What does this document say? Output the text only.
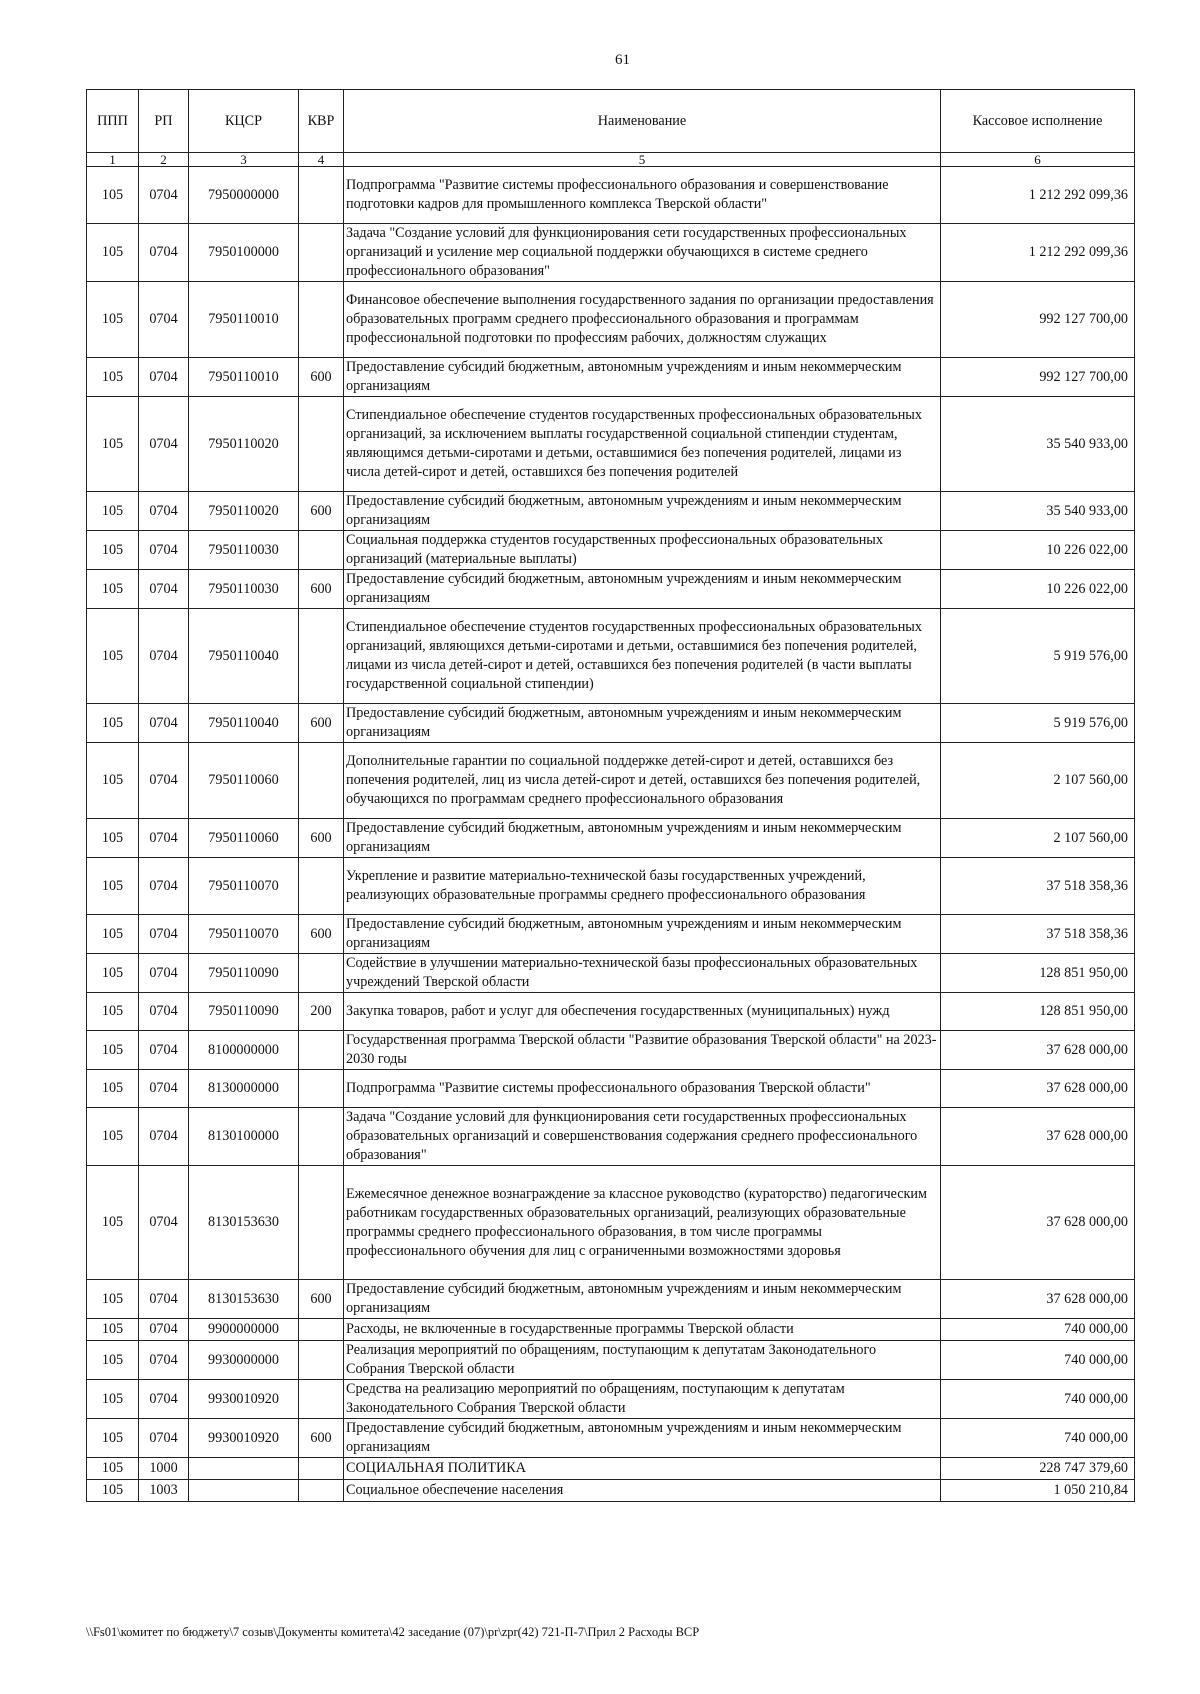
61
ППП	РП	КЦСР	КВР	Наименование	Кассовое исполнение
1	2	3	4	5	6
105	0704	7950000000		Подпрограмма "Развитие системы профессионального образования и совершенствование подготовки кадров для промышленного комплекса Тверской области"	1 212 292 099,36
105	0704	7950100000		Задача "Создание условий для функционирования сети государственных профессиональных организаций и усиление мер социальной поддержки обучающихся в системе среднего профессионального образования"	1 212 292 099,36
105	0704	7950110010		Финансовое обеспечение выполнения государственного задания по организации предоставления образовательных программ среднего профессионального образования и программам профессиональной подготовки по профессиям рабочих, должностям служащих	992 127 700,00
105	0704	7950110010	600	Предоставление субсидий бюджетным, автономным учреждениям и иным некоммерческим организациям	992 127 700,00
105	0704	7950110020		Стипендиальное обеспечение студентов государственных профессиональных образовательных организаций, за исключением выплаты государственной социальной стипендии студентам, являющимся детьми-сиротами и детьми, оставшимися без попечения родителей, лицами из числа детей-сирот и детей, оставшихся без попечения родителей	35 540 933,00
105	0704	7950110020	600	Предоставление субсидий бюджетным, автономным учреждениям и иным некоммерческим организациям	35 540 933,00
105	0704	7950110030		Социальная поддержка студентов государственных профессиональных образовательных организаций (материальные выплаты)	10 226 022,00
105	0704	7950110030	600	Предоставление субсидий бюджетным, автономным учреждениям и иным некоммерческим организациям	10 226 022,00
105	0704	7950110040		Стипендиальное обеспечение студентов государственных профессиональных образовательных организаций, являющихся детьми-сиротами и детьми, оставшимися без попечения родителей, лицами из числа детей-сирот и детей, оставшихся без попечения родителей (в части выплаты государственной социальной стипендии)	5 919 576,00
105	0704	7950110040	600	Предоставление субсидий бюджетным, автономным учреждениям и иным некоммерческим организациям	5 919 576,00
105	0704	7950110060		Дополнительные гарантии по социальной поддержке детей-сирот и детей, оставшихся без попечения родителей, лиц из числа детей-сирот и детей, оставшихся без попечения родителей, обучающихся по программам среднего профессионального образования	2 107 560,00
105	0704	7950110060	600	Предоставление субсидий бюджетным, автономным учреждениям и иным некоммерческим организациям	2 107 560,00
105	0704	7950110070		Укрепление и развитие материально-технической базы государственных учреждений, реализующих образовательные программы среднего профессионального образования	37 518 358,36
105	0704	7950110070	600	Предоставление субсидий бюджетным, автономным учреждениям и иным некоммерческим организациям	37 518 358,36
105	0704	7950110090		Содействие в улучшении материально-технической базы профессиональных образовательных учреждений Тверской области	128 851 950,00
105	0704	7950110090	200	Закупка товаров, работ и услуг для обеспечения государственных (муниципальных) нужд	128 851 950,00
105	0704	8100000000		Государственная программа Тверской области "Развитие образования Тверской области" на 2023-2030 годы	37 628 000,00
105	0704	8130000000		Подпрограмма "Развитие системы профессионального образования Тверской области"	37 628 000,00
105	0704	8130100000		Задача "Создание условий для функционирования сети государственных профессиональных образовательных организаций и совершенствования содержания среднего профессионального образования"	37 628 000,00
105	0704	8130153630		Ежемесячное денежное вознаграждение за классное руководство (кураторство) педагогическим работникам государственных образовательных организаций, реализующих образовательные программы среднего профессионального образования, в том числе программы профессионального обучения для лиц с ограниченными возможностями здоровья	37 628 000,00
105	0704	8130153630	600	Предоставление субсидий бюджетным, автономным учреждениям и иным некоммерческим организациям	37 628 000,00
105	0704	9900000000		Расходы, не включенные в государственные программы Тверской области	740 000,00
105	0704	9930000000		Реализация мероприятий по обращениям, поступающим к депутатам Законодательного Собрания Тверской области	740 000,00
105	0704	9930010920		Средства на реализацию мероприятий по обращениям, поступающим к депутатам Законодательного Собрания Тверской области	740 000,00
105	0704	9930010920	600	Предоставление субсидий бюджетным, автономным учреждениям и иным некоммерческим организациям	740 000,00
105	1000			СОЦИАЛЬНАЯ ПОЛИТИКА	228 747 379,60
105	1003			Социальное обеспечение населения	1 050 210,84
\\Fs01\комитет по бюджету\7 созыв\Документы комитета\42 заседание (07)\pr\zpr(42) 721-П-7\Прил 2 Расходы ВСР
